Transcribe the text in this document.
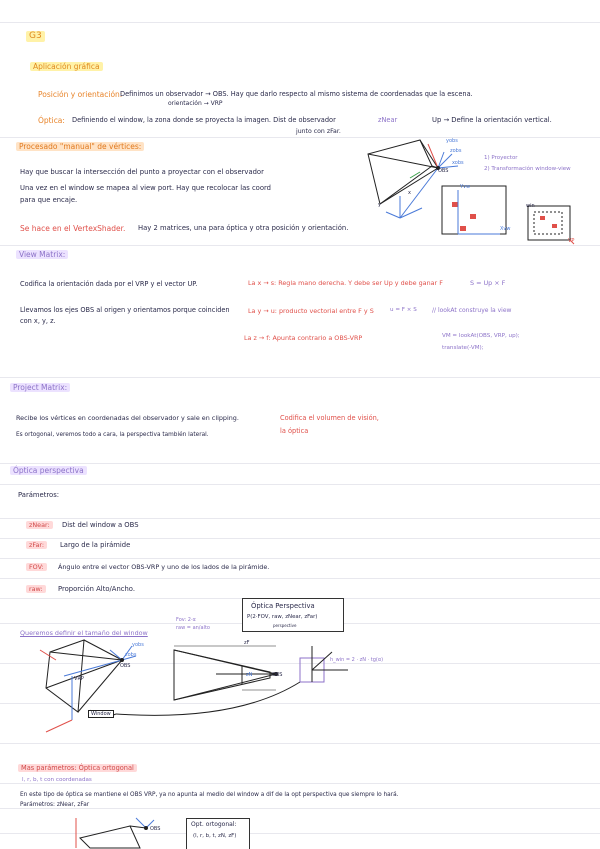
G3
Aplicación gráfica
Posición y orientación:
Definimos un observador → OBS. Hay que darlo respecto al mismo sistema de coordenadas que la escena.
orientación → VRP
Óptica: Definiendo el window, la zona donde se proyecta la imagen. Dist de observador	zNear
junto con zFar.
Up → Define la orientación vertical.
Procesado "manual" de vértices:
Hay que buscar la intersección del punto a proyectar con el observador
Una vez en el window se mapea al view port. Hay que recolocar las coord
para que encaje.
Se hace en el VertexShader. Hay 2 matrices, una para óptica y otra posición y orientación.
1) Proyector
2) Transformación window-view
OBS
zobs
xobs
yobs
y
x
Yvw
Xvw
win
VP
View Matrix:
Codifica la orientación dada por el VRP y el vector UP.
Llevamos los ejes OBS al origen y orientamos porque coinciden
con x, y, z.
La x → s: Regla mano derecha. Y debe ser Up y debe ganar F	S = Up × F
La y → u: producto vectorial entre F y S	u = F × S	// lookAt construye la view
La z → f: Apunta contrario a OBS-VRP	VM = lookAt(OBS, VRP, up);
translate(-VM);
Project Matrix:
Recibe los vértices en coordenadas del observador y sale en clipping.
Es ortogonal, veremos todo a cara, la perspectiva también lateral.
Codifica el volumen de visión,
la óptica
Óptica perspectiva
Parámetros:
zNear:	Dist del window a OBS
zFar:	Largo de la pirámide
FOV:	Ángulo entre el vector OBS-VRP y uno de los lados de la pirámide.
raw:	Proporción Alto/Ancho.
Óptica Perspectiva
P(2·FOV, raw, zNear, zFar)
perspective
Queremos definir el tamaño del window
Fov: 2·α
raw = an/alto
Window
OBS
OBS
VRP
zN
zF
zobs
yobs
h_win = 2 · zN · tg(α)
Mas parámetros: Óptica ortogonal
l, r, b, t con coordenadas
En este tipo de óptica se mantiene el OBS VRP, ya no apunta al medio del window a dif de la opt perspectiva que siempre lo hará.
Parámetros: zNear, zFar
OBS
Opt. ortogonal:
(l, r, b, t, zN, zF)
